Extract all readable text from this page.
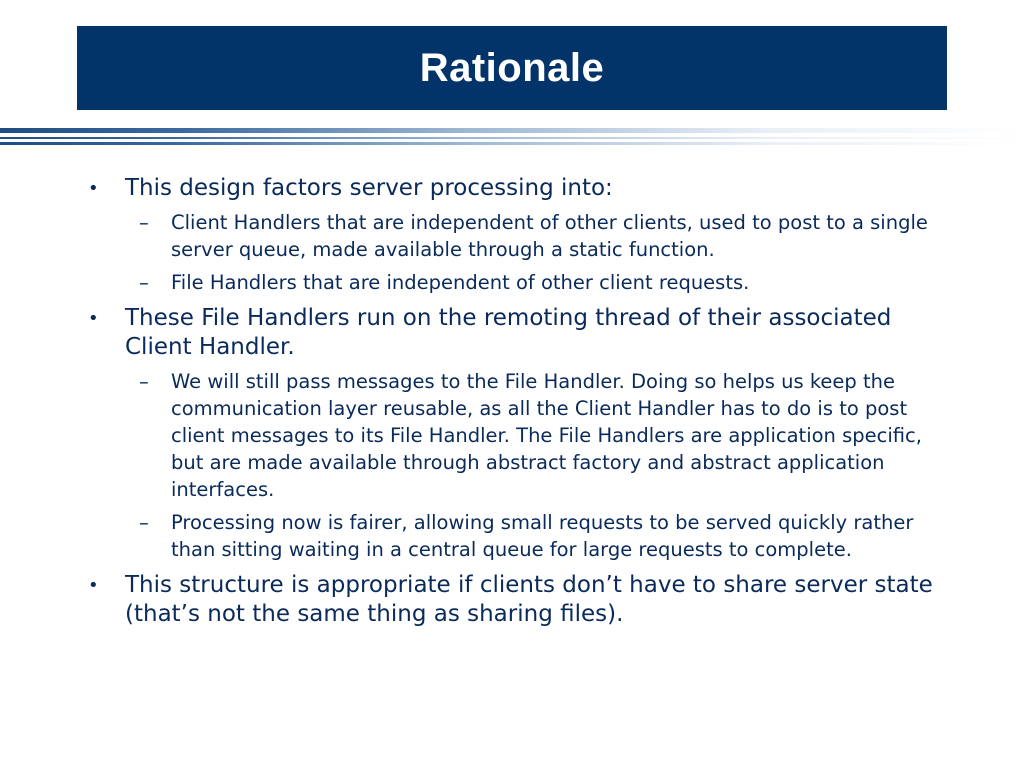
Rationale
• This design factors server processing into:
– Client Handlers that are independent of other clients, used to post to a single server queue, made available through a static function.
– File Handlers that are independent of other client requests.
• These File Handlers run on the remoting thread of their associated Client Handler.
– We will still pass messages to the File Handler. Doing so helps us keep the communication layer reusable, as all the Client Handler has to do is to post client messages to its File Handler. The File Handlers are application specific, but are made available through abstract factory and abstract application interfaces.
– Processing now is fairer, allowing small requests to be served quickly rather than sitting waiting in a central queue for large requests to complete.
• This structure is appropriate if clients don’t have to share server state (that’s not the same thing as sharing files).
